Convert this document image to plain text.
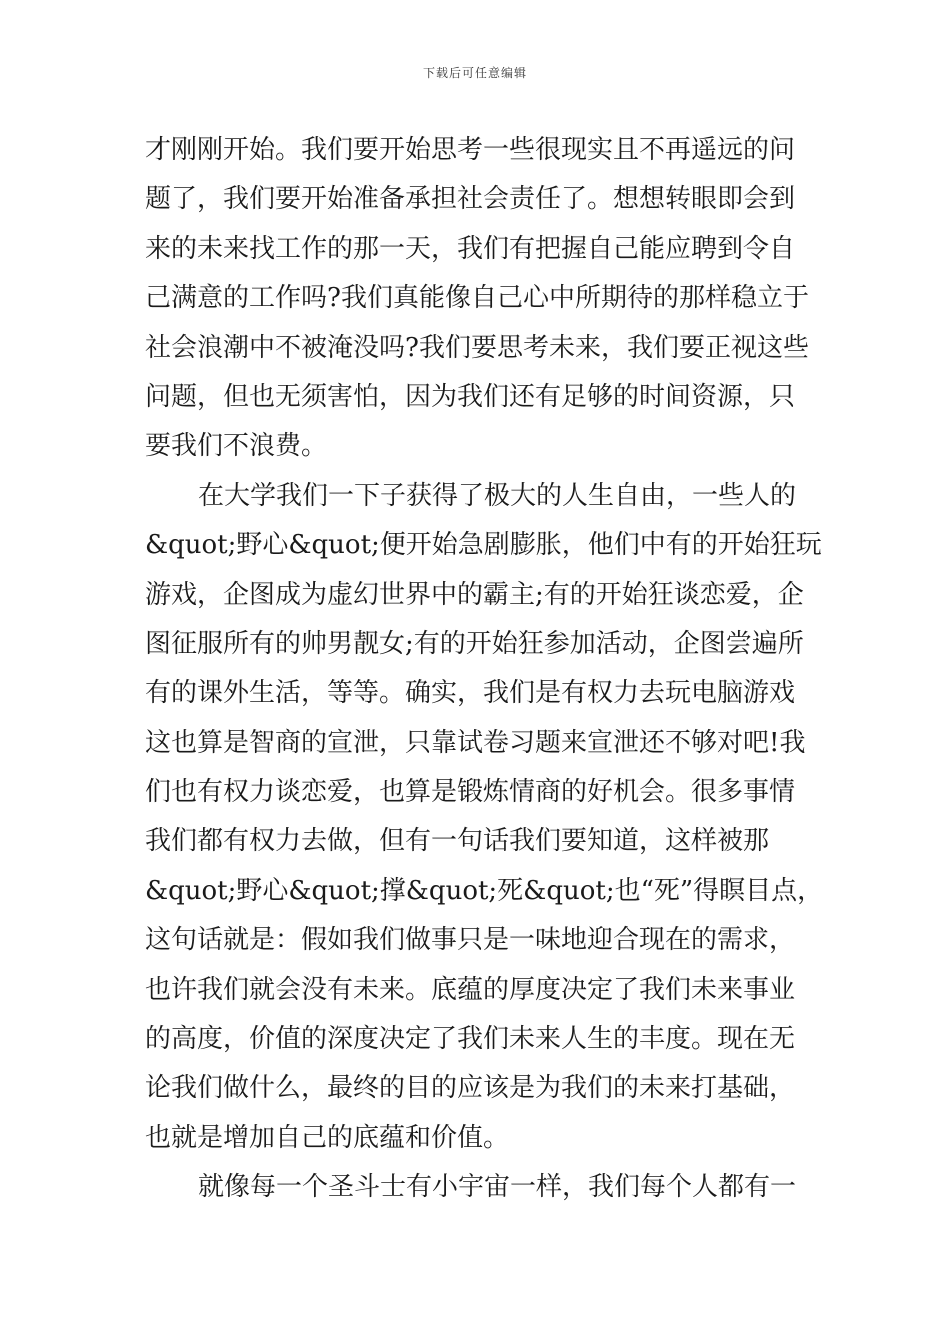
下载后可任意编辑
才刚刚开始。我们要开始思考一些很现实且不再遥远的问
题了，我们要开始准备承担社会责任了。想想转眼即会到
来的未来找工作的那一天，我们有把握自己能应聘到令自
己满意的工作吗?我们真能像自己心中所期待的那样稳立于
社会浪潮中不被淹没吗?我们要思考未来，我们要正视这些
问题，但也无须害怕，因为我们还有足够的时间资源，只
要我们不浪费。
在大学我们一下子获得了极大的人生自由，一些人的
&quot;野心&quot;便开始急剧膨胀，他们中有的开始狂玩
游戏，企图成为虚幻世界中的霸主;有的开始狂谈恋爱，企
图征服所有的帅男靓女;有的开始狂参加活动，企图尝遍所
有的课外生活，等等。确实，我们是有权力去玩电脑游戏
这也算是智商的宣泄，只靠试卷习题来宣泄还不够对吧!我
们也有权力谈恋爱，也算是锻炼情商的好机会。很多事情
我们都有权力去做，但有一句话我们要知道，这样被那
&quot;野心&quot;撑&quot;死&quot;也“死”得瞑目点，
这句话就是：假如我们做事只是一味地迎合现在的需求，
也许我们就会没有未来。底蕴的厚度决定了我们未来事业
的高度，价值的深度决定了我们未来人生的丰度。现在无
论我们做什么，最终的目的应该是为我们的未来打基础，
也就是增加自己的底蕴和价值。
就像每一个圣斗士有小宇宙一样，我们每个人都有一
